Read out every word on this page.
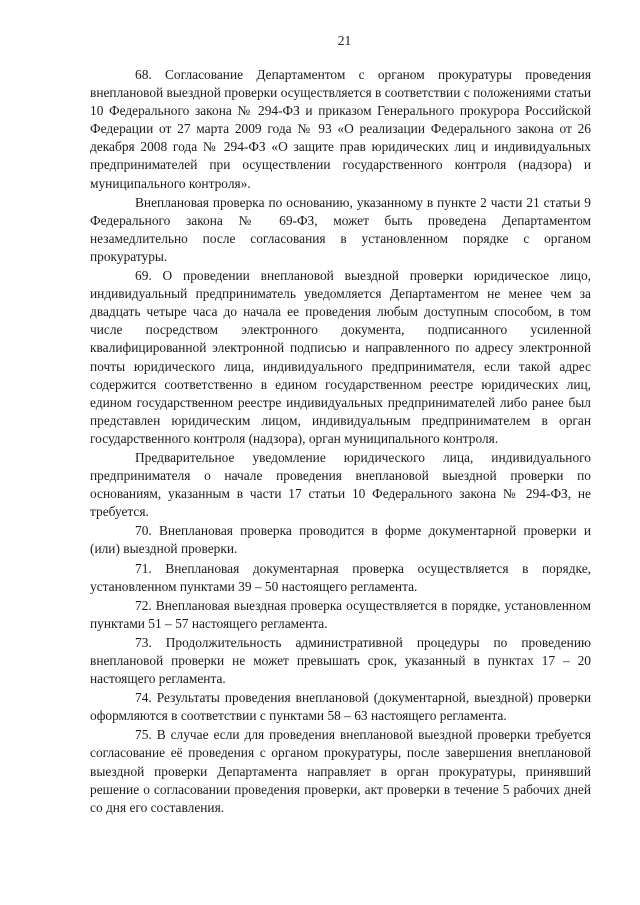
21

68. Согласование Департаментом с органом прокуратуры проведения внеплановой выездной проверки осуществляется в соответствии с положениями статьи 10 Федерального закона № 294-ФЗ и приказом Генерального прокурора Российской Федерации от 27 марта 2009 года № 93 «О реализации Федерального закона от 26 декабря 2008 года № 294-ФЗ «О защите прав юридических лиц и индивидуальных предпринимателей при осуществлении государственного контроля (надзора) и муниципального контроля».

Внеплановая проверка по основанию, указанному в пункте 2 части 21 статьи 9 Федерального закона № 69-ФЗ, может быть проведена Департаментом незамедлительно после согласования в установленном порядке с органом прокуратуры.

69. О проведении внеплановой выездной проверки юридическое лицо, индивидуальный предприниматель уведомляется Департаментом не менее чем за двадцать четыре часа до начала ее проведения любым доступным способом, в том числе посредством электронного документа, подписанного усиленной квалифицированной электронной подписью и направленного по адресу электронной почты юридического лица, индивидуального предпринимателя, если такой адрес содержится соответственно в едином государственном реестре юридических лиц, едином государственном реестре индивидуальных предпринимателей либо ранее был представлен юридическим лицом, индивидуальным предпринимателем в орган государственного контроля (надзора), орган муниципального контроля.

Предварительное уведомление юридического лица, индивидуального предпринимателя о начале проведения внеплановой выездной проверки по основаниям, указанным в части 17 статьи 10 Федерального закона № 294-ФЗ, не требуется.

70. Внеплановая проверка проводится в форме документарной проверки и (или) выездной проверки.

71. Внеплановая документарная проверка осуществляется в порядке, установленном пунктами 39 – 50 настоящего регламента.

72. Внеплановая выездная проверка осуществляется в порядке, установленном пунктами 51 – 57 настоящего регламента.

73. Продолжительность административной процедуры по проведению внеплановой проверки не может превышать срок, указанный в пунктах 17 – 20 настоящего регламента.

74. Результаты проведения внеплановой (документарной, выездной) проверки оформляются в соответствии с пунктами 58 – 63 настоящего регламента.

75. В случае если для проведения внеплановой выездной проверки требуется согласование её проведения с органом прокуратуры, после завершения внеплановой выездной проверки Департамента направляет в орган прокуратуры, принявший решение о согласовании проведения проверки, акт проверки в течение 5 рабочих дней со дня его составления.
